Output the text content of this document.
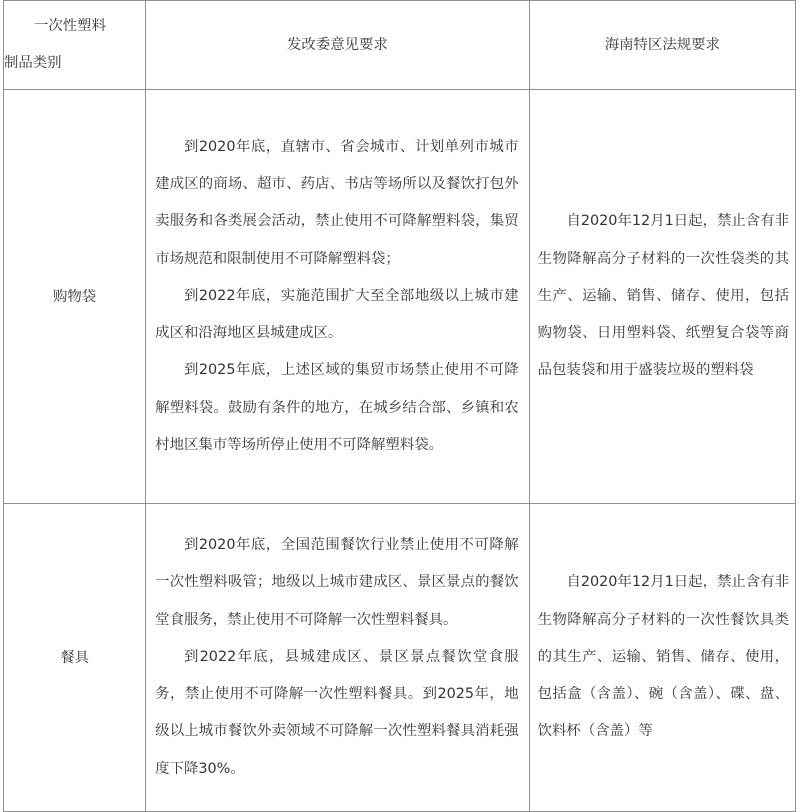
一次性塑料
制品类别	发改委意见要求	海南特区法规要求
购物袋	到2020年底，直辖市、省会城市、计划单列市城市建成区的商场、超市、药店、书店等场所以及餐饮打包外卖服务和各类展会活动，禁止使用不可降解塑料袋，集贸市场规范和限制使用不可降解塑料袋；

到2022年底，实施范围扩大至全部地级以上城市建成区和沿海地区县城建成区。

到2025年底，上述区域的集贸市场禁止使用不可降解塑料袋。鼓励有条件的地方，在城乡结合部、乡镇和农村地区集市等场所停止使用不可降解塑料袋。	自2020年12月1日起，禁止含有非生物降解高分子材料的一次性袋类的其生产、运输、销售、储存、使用，包括购物袋、日用塑料袋、纸塑复合袋等商品包装袋和用于盛装垃圾的塑料袋

餐具	到2020年底，全国范围餐饮行业禁止使用不可降解一次性塑料吸管；地级以上城市建成区、景区景点的餐饮堂食服务，禁止使用不可降解一次性塑料餐具。

到2022年底，县城建成区、景区景点餐饮堂食服务，禁止使用不可降解一次性塑料餐具。到2025年，地级以上城市餐饮外卖领域不可降解一次性塑料餐具消耗强度下降30%。	自2020年12月1日起，禁止含有非生物降解高分子材料的一次性餐饮具类的其生产、运输、销售、储存、使用，包括盒（含盖）、碗（含盖）、碟、盘、饮料杯（含盖）等
